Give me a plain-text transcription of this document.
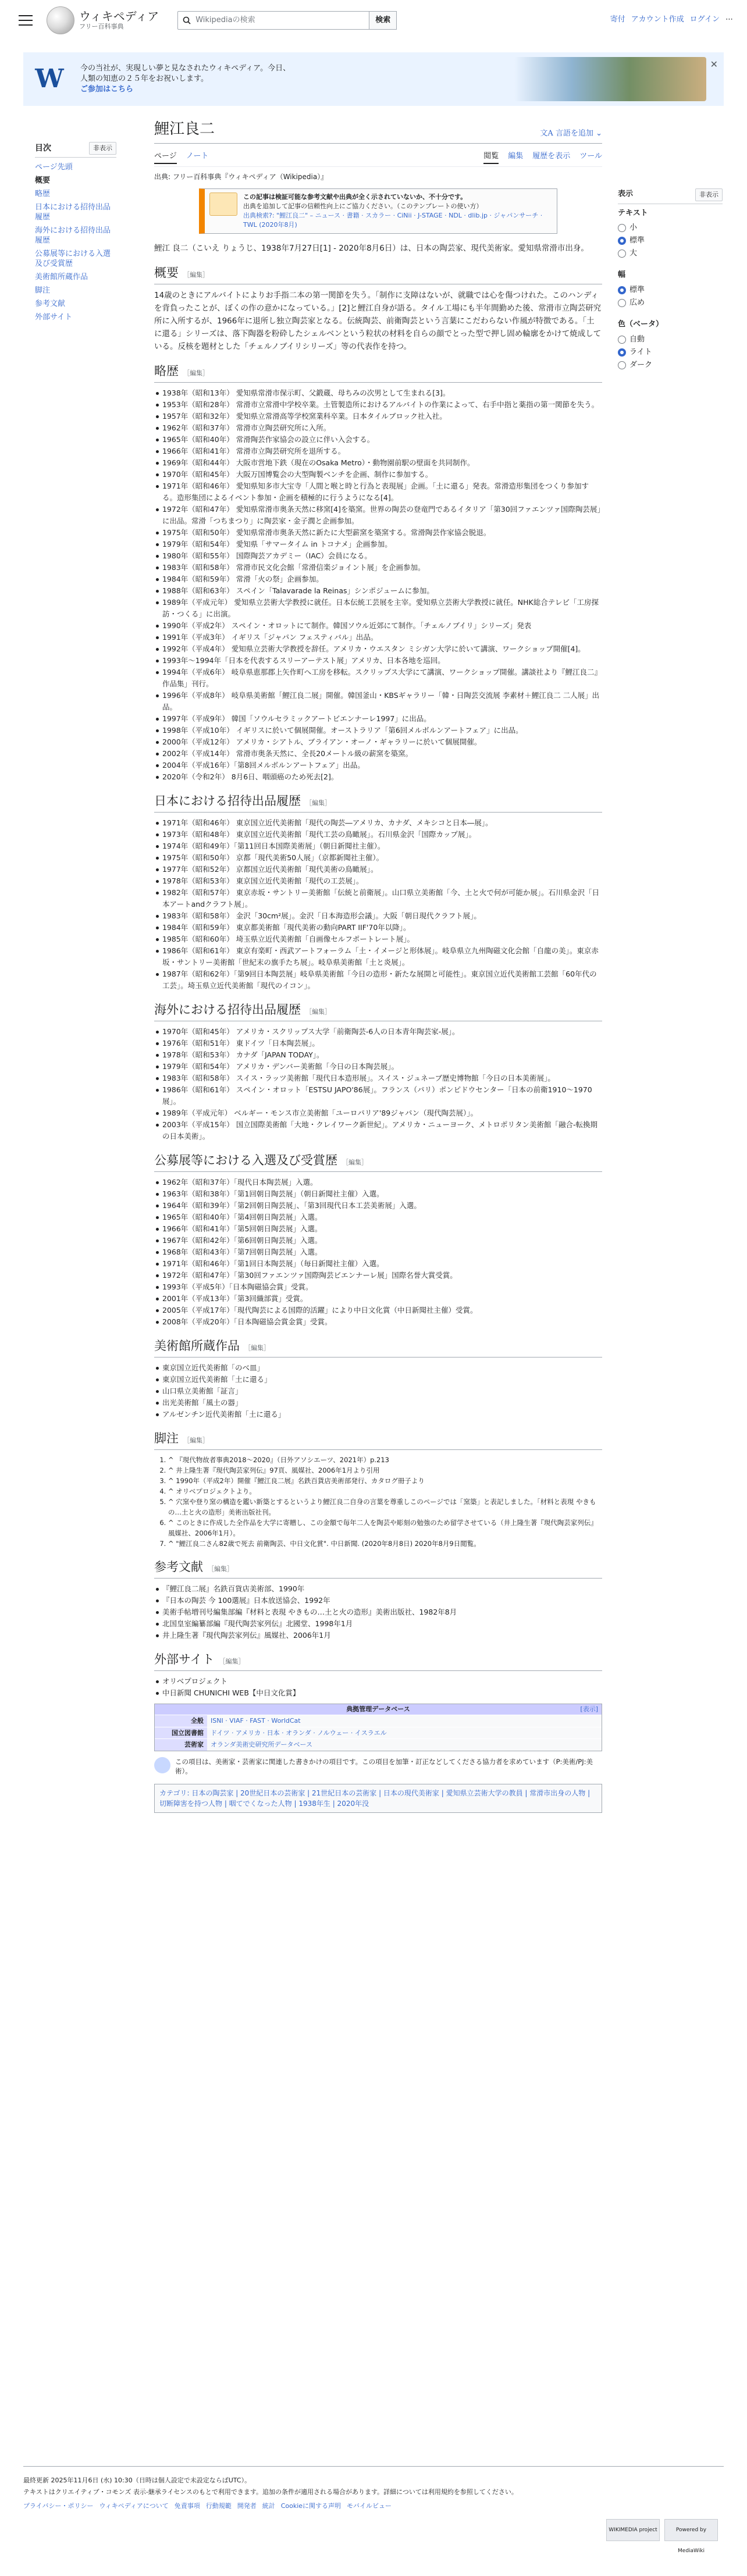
ウィキペディア
フリー百科事典
Wikipediaの検索	検索	寄付 アカウント作成 ログイン ⋯
W	今の当社が、実現しい夢と見なされたウィキペディア。今日、
人類の知恵の２５年をお祝いします。
ご参加はこちら
✕
目次	非表示
ページ先頭
概要
略歴
日本における招待出品履歴
海外における招待出品履歴
公募展等における入選及び受賞歴
美術館所蔵作品
脚注
参考文献
外部サイト
表示	非表示
テキスト
小
標準
大
幅
標準
広め
色（ベータ）
自動
ライト
ダーク
鯉江良二	文A 言語を追加 ⌄
ページ ノート	閲覧 編集 履歴を表示 ツール
出典: フリー百科事典『ウィキペディア（Wikipedia）』
この記事は検証可能な参考文献や出典が全く示されていないか、不十分です。
出典を追加して記事の信頼性向上にご協力ください。（このテンプレートの使い方）
出典検索?: "鯉江良二" – ニュース · 書籍 · スカラー · CiNii · J-STAGE · NDL · dlib.jp · ジャパンサーチ · TWL (2020年8月)

鯉江 良二（こいえ りょうじ、1938年7月27日[1] - 2020年8月6日）は、日本の陶芸家、現代美術家。愛知県常滑市出身。

概要 ［編集］

14歳のときにアルバイトによりお手指二本の第一関節を失う。「制作に支障はないが、就職では心を傷つけれた。このハンディを背負ったことが、ぼくの作の意かになっている。」[2]と鯉江自身が語る。タイル工場にも半年間勤めた後、常滑市立陶芸研究所に入所するが、1966年に退所し独立陶芸家となる。伝統陶芸、前衛陶芸という言葉にこだわらない作風が特徴である。「土に還る」シリーズは、落下陶器を粉砕したシェルベンという粒状の材料を自らの顔でとった型で押し固め輪廓をかけて焼成している。反核を題材とした「チェルノブイリシリーズ」等の代表作を持つ。

略歴 ［編集］
1938年（昭和13年） 愛知県常滑市保示町、父鍛蔵、母ちみの次男として生まれる[3]。
1953年（昭和28年） 常滑市立常滑中学校卒業。土管製造所におけるアルバイトの作業によって、右手中指と薬指の第一関節を失う。
1957年（昭和32年） 愛知県立常滑高等学校窯業科卒業。日本タイルブロック社入社。
1962年（昭和37年） 常滑市立陶芸研究所に入所。
1965年（昭和40年） 常滑陶芸作家協会の設立に伴い入会する。
1966年（昭和41年） 常滑市立陶芸研究所を退所する。
1969年（昭和44年） 大阪市営地下鉄（現在のOsaka Metro）・動物園前駅の壁面を共同制作。
1970年（昭和45年） 大阪万国博覧会の大型陶製ベンチを企画、制作に参加する。
1971年（昭和46年） 愛知県知多市大宝寺「人間と喉と時と行為と表現展」企画。「土に還る」発表。常滑造形集団をつくり参加する。造形集団によるイベント参加・企画を積極的に行うようになる[4]。
1972年（昭和47年） 愛知県常滑市奥条天然に移窯[4]を築窯。世界の陶芸の登竜門であるイタリア「第30回ファエンツァ国際陶芸展」に出品。常滑「つちまつり」に陶芸家・金子潤と企画参加。
1975年（昭和50年） 愛知県常滑市奥条天然に新たに大型薪窯を築窯する。常滑陶芸作家協会脱退。
1979年（昭和54年） 愛知県「サマータイム in トコナメ」企画参加。
1980年（昭和55年） 国際陶芸アカデミー（IAC）会員になる。
1983年（昭和58年） 常滑市民文化会館「常滑信楽ジョイント展」を企画参加。
1984年（昭和59年） 常滑「火の祭」企画参加。
1988年（昭和63年） スペイン「Talavarade la Reinas」シンポジュームに参加。
1989年（平成元年） 愛知県立芸術大学教授に就任。日本伝統工芸展を主宰。愛知県立芸術大学教授に就任。NHK総合テレビ「工房探訪・つくる」に出演。
1990年（平成2年） スペイン・オロットにて制作。韓国ソウル近郊にて制作。「チェルノブイリ」シリーズ」発表
1991年（平成3年） イギリス「ジャパン フェスティバル」出品。
1992年（平成4年） 愛知県立芸術大学教授を辞任。アメリカ・ウエスタン ミシガン大学に於いて講演、ワークショップ開催[4]。
1993年〜1994年「日本を代表するスリーアーテスト展」アメリカ、日本各地を巡回。
1994年（平成6年） 岐阜県恵那郡上矢作町へ工房を移転。スクリップス大学にて講演、ワークショップ開催。講談社より『鯉江良二』作品集」刊行。
1996年（平成8年） 岐阜県美術館「鯉江良二展」開催。韓国釜山・KBSギャラリー「韓・日陶芸交流展 李素材＋鯉江良二 二人展」出品。
1997年（平成9年） 韓国「ソウルセラミックアートビエンナーレ1997」に出品。
1998年（平成10年） イギリスに於いて個展開催。オーストラリア「第6回メルボルンアートフェア」に出品。
2000年（平成12年） アメリカ・シアトル、ブライアン・オーノ・ギャラリーに於いて個展開催。
2002年（平成14年） 常滑市奥条天然に、全長20メートル級の薪窯を築窯。
2004年（平成16年）「第8回メルボルンアートフェア」出品。
2020年（令和2年） 8月6日、咽頭癌のため死去[2]。
日本における招待出品履歴 ［編集］
1971年（昭和46年） 東京国立近代美術館「現代の陶芸―アメリカ、カナダ、メキシコと日本―展」。
1973年（昭和48年） 東京国立近代美術館「現代工芸の鳥瞰展」。石川県金沢「国際カップ展」。
1974年（昭和49年）「第11回日本国際美術展」（朝日新聞社主催）。
1975年（昭和50年） 京都「現代美術50人展」（京都新聞社主催）。
1977年（昭和52年） 京都国立近代美術館「現代美術の鳥瞰展」。
1978年（昭和53年） 東京国立近代美術館「現代の工芸展」。
1982年（昭和57年） 東京赤坂・サントリー美術館「伝統と前衛展」。山口県立美術館「今、土と火で何が可能か展」。石川県金沢「日本アートandクラフト展」。
1983年（昭和58年） 金沢「30cm²展」。金沢「日本海造形会議」。大阪「朝日現代クラフト展」。
1984年（昭和59年） 東京都美術館「現代美術の動向PART IIF'70年以降」。
1985年（昭和60年） 埼玉県立近代美術館「自画像セルフポートレート展」。
1986年（昭和61年） 東京有楽町・西武アートフォーラム「土・イメージと形体展」。岐阜県立九州陶磁文化会館「自龍の美」。東京赤坂・サントリー美術館「世紀末の旗手たち展」。岐阜県美術館「土と炎展」。
1987年（昭和62年）「第9回日本陶芸展」岐阜県美術館「今日の造形・新たな展開と可能性」。東京国立近代美術館工芸館「60年代の工芸」。埼玉県立近代美術館「現代のイコン」。
海外における招待出品履歴 ［編集］
1970年（昭和45年） アメリカ・スクリップス大学「前衛陶芸-6人の日本青年陶芸家-展」。
1976年（昭和51年） 東ドイツ「日本陶芸展」。
1978年（昭和53年） カナダ「JAPAN TODAY」。
1979年（昭和54年） アメリカ・デンバー美術館「今日の日本陶芸展」。
1983年（昭和58年） スイス・ラッツ美術館「現代日本造形展」。スイス・ジュネーブ歴史博物館「今日の日本美術展」。
1986年（昭和61年） スペイン・オロット「ESTSU JAPO'86展」。フランス（パリ）ポンピドウセンター「日本の前衛1910〜1970展」。
1989年（平成元年） ベルギー・モンス市立美術館「ユーロパリア'89ジャパン（現代陶芸展）」。
2003年（平成15年） 国立国際美術館「大地・クレイワーク新世紀」。アメリカ・ニューヨーク、メトロポリタン美術館「融合-転換期の日本美術」。
公募展等における入選及び受賞歴 ［編集］
1962年（昭和37年）「現代日本陶芸展」入選。
1963年（昭和38年）「第1回朝日陶芸展」（朝日新聞社主催）入選。
1964年（昭和39年）「第2回朝日陶芸展」、「第3回現代日本工芸美術展」入選。
1965年（昭和40年）「第4回朝日陶芸展」入選。
1966年（昭和41年）「第5回朝日陶芸展」入選。
1967年（昭和42年）「第6回朝日陶芸展」入選。
1968年（昭和43年）「第7回朝日陶芸展」入選。
1971年（昭和46年）「第1回日本陶芸展」（毎日新聞社主催）入選。
1972年（昭和47年）「第30回ファエンツァ国際陶芸ビエンナーレ展」国際名誉大賞受賞。
1993年（平成5年）「日本陶磁協会賞」受賞。
2001年（平成13年）「第3回織部賞」受賞。
2005年（平成17年）「現代陶芸による国際的活躍」により中日文化賞（中日新聞社主催）受賞。
2008年（平成20年）「日本陶磁協会賞金賞」受賞。
美術館所蔵作品 ［編集］
東京国立近代美術館「のべ皿」
東京国立近代美術館「土に還る」
山口県立美術館「証言」
出光美術館「風土の器」
アルゼンチン近代美術館「土に還る」
脚注 ［編集］
1. ^ 『現代物故者事典2018〜2020』（日外アソシエーツ、2021年）p.213
2. ^ 井上隆生著『現代陶芸家列伝』97頁、風媒社、2006年1月より引用
3. ^ 1990年（平成2年）開催『鯉江良二展』名鉄百貨店美術部発行、カタログ冊子より
4. ^ オリベプロジェクトより。
5. ^ 穴窯や登り窯の構造を鑑い新築とするというより鯉江良二自身の言葉を尊重しこのページでは「窯築」と表記しました。「材料と表現 やきもの…土と火の造形」美術出版社刊。
6. ^ このときに作成した全作品を大学に寄贈し、この金額で毎年二人を陶芸や彫刻の勉強のため留学させている（井上隆生著『現代陶芸家列伝』風媒社、2006年1月）。
7. ^ "鯉江良二さん82歳で死去 前衛陶芸、中日文化賞". 中日新聞. (2020年8月8日) 2020年8月9日閲覧。
参考文献 ［編集］
『鯉江良二展』名鉄百貨店美術部、1990年
『日本の陶芸 今 100選展』日本放送協会、1992年
美術手帖増刊号編集部編『材料と表現 やきもの…土と火の造形』美術出版社、1982年8月
北国皇室編纂部編『現代陶芸家列伝』北國堂、1998年1月
井上隆生著『現代陶芸家列伝』風媒社、2006年1月
外部サイト ［編集］
オリベプロジェクト
中日新聞 CHUNICHI WEB【中日文化賞】
典拠管理データベース	[表示]
全般	ISNI · VIAF · FAST · WorldCat
国立図書館	ドイツ · アメリカ · 日本 · オランダ · ノルウェー · イスラエル
芸術家	オランダ美術史研究所データベース
この項目は、美術家・芸術家に関連した書きかけの項目です。この項目を加筆・訂正などしてくださる協力者を求めています（P:美術/PJ:美術）。
カテゴリ: 日本の陶芸家 | 20世紀日本の芸術家 | 21世紀日本の芸術家 | 日本の現代美術家 | 愛知県立芸術大学の教員 | 常滑市出身の人物 | 切断障害を持つ人物 | 咽てでくなった人物 | 1938年生 | 2020年没
最終更新 2025年11月6日 (水) 10:30（日時は個人設定で未設定ならばUTC）。
テキストはクリエイティブ・コモンズ 表示-継承ライセンスのもとで利用できます。追加の条件が適用される場合があります。詳細については利用規約を参照してください。
プライバシー・ポリシー ウィキペディアについて 免責事項 行動規範 開発者 統計 Cookieに関する声明 モバイルビュー
WIKIMEDIA project	Powered by MediaWiki
